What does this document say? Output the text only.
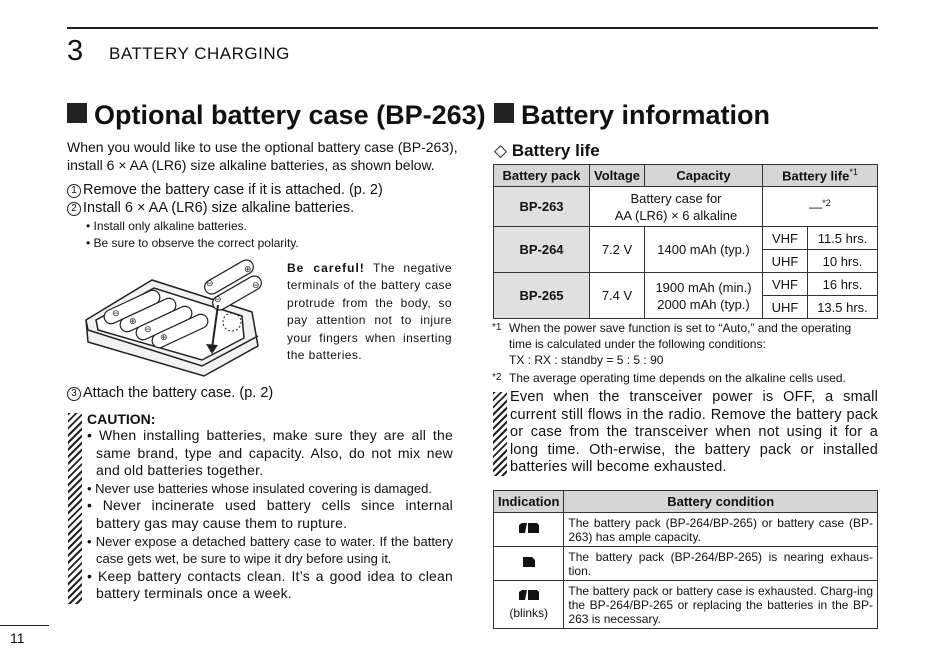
3 BATTERY CHARGING
Optional battery case (BP-263)
When you would like to use the optional battery case (BP-263), install 6 × AA (LR6) size alkaline batteries, as shown below.
1 Remove the battery case if it is attached. (p. 2)
2 Install 6 × AA (LR6) size alkaline batteries.
• Install only alkaline batteries.
• Be sure to observe the correct polarity.
⊖
⊕
⊖
⊕
⊖
⊕
⊖
⊖
Be careful! The negative terminals of the battery case protrude from the body, so pay attention not to injure your fingers when inserting the batteries.
3 Attach the battery case. (p. 2)
CAUTION:
• When installing batteries, make sure they are all the same brand, type and capacity. Also, do not mix new and old batteries together.
• Never use batteries whose insulated covering is damaged.
• Never incinerate used battery cells since internal battery gas may cause them to rupture.
• Never expose a detached battery case to water. If the battery case gets wet, be sure to wipe it dry before using it.
• Keep battery contacts clean. It’s a good idea to clean battery terminals once a week.
11
Battery information
◇ Battery life
Battery pack	Voltage	Capacity	Battery life$^{*1}$
BP-263	Battery case for
AA (LR6) × 6 alkaline		—$^{*2}$
BP-264	7.2 V	1400 mAh (typ.)	VHF	11.5 hrs.
			UHF	10 hrs.
BP-265	7.4 V	1900 mAh (min.)
2000 mAh (typ.)	VHF	16 hrs.
			UHF	13.5 hrs.
*1 When the power save function is set to “Auto,” and the operating
time is calculated under the following conditions:
TX : RX : standby = 5 : 5 : 90
*2 The average operating time depends on the alkaline cells used.
Even when the transceiver power is OFF, a small current still flows in the radio. Remove the battery pack or case from the transceiver when not using it for a long time. Oth-erwise, the battery pack or installed batteries will become exhausted.
Indication	Battery condition
	The battery pack (BP-264/BP-265) or battery case (BP-263) has ample capacity.
	The battery pack (BP-264/BP-265) is nearing exhaus-tion.

(blinks)	The battery pack or battery case is exhausted. Charg-ing the BP-264/BP-265 or replacing the batteries in the BP-263 is necessary.
